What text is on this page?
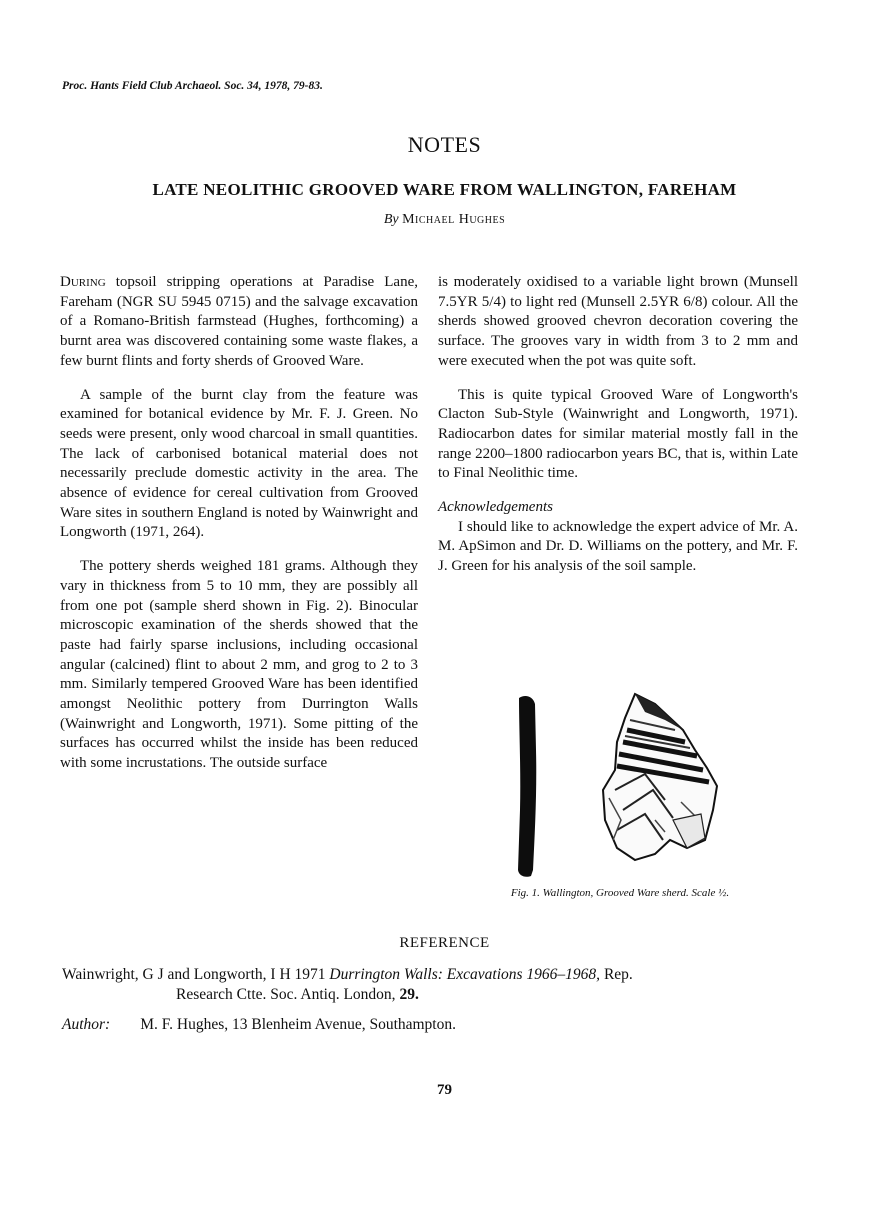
Proc. Hants Field Club Archaeol. Soc. 34, 1978, 79-83.
NOTES
LATE NEOLITHIC GROOVED WARE FROM WALLINGTON, FAREHAM
By Michael Hughes

During topsoil stripping operations at Paradise Lane, Fareham (NGR SU 5945 0715) and the salvage excavation of a Romano-British farmstead (Hughes, forthcoming) a burnt area was discovered containing some waste flakes, a few burnt flints and forty sherds of Grooved Ware.

A sample of the burnt clay from the feature was examined for botanical evidence by Mr. F. J. Green. No seeds were present, only wood charcoal in small quantities. The lack of carbonised botanical material does not necessarily preclude domestic activity in the area. The absence of evidence for cereal cultivation from Grooved Ware sites in southern England is noted by Wainwright and Longworth (1971, 264).

The pottery sherds weighed 181 grams. Although they vary in thickness from 5 to 10 mm, they are possibly all from one pot (sample sherd shown in Fig. 2). Binocular microscopic examination of the sherds showed that the paste had fairly sparse inclusions, including occasional angular (calcined) flint to about 2 mm, and grog to 2 to 3 mm. Similarly tempered Grooved Ware has been identified amongst Neolithic pottery from Durrington Walls (Wainwright and Longworth, 1971). Some pitting of the surfaces has occurred whilst the inside has been reduced with some incrustations. The outside surface

is moderately oxidised to a variable light brown (Munsell 7.5YR 5/4) to light red (Munsell 2.5YR 6/8) colour. All the sherds showed grooved chevron decoration covering the surface. The grooves vary in width from 3 to 2 mm and were executed when the pot was quite soft.

This is quite typical Grooved Ware of Longworth's Clacton Sub-Style (Wainwright and Longworth, 1971). Radiocarbon dates for similar material mostly fall in the range 2200–1800 radiocarbon years BC, that is, within Late to Final Neolithic time.

Acknowledgements

I should like to acknowledge the expert advice of Mr. A. M. ApSimon and Dr. D. Williams on the pottery, and Mr. F. J. Green for his analysis of the soil sample.

Fig. 1. Wallington, Grooved Ware sherd. Scale ½.
REFERENCE
Wainwright, G J and Longworth, I H 1971 Durrington Walls: Excavations 1966–1968, Rep.
Research Ctte. Soc. Antiq. London, 29.
Author: M. F. Hughes, 13 Blenheim Avenue, Southampton.
79
